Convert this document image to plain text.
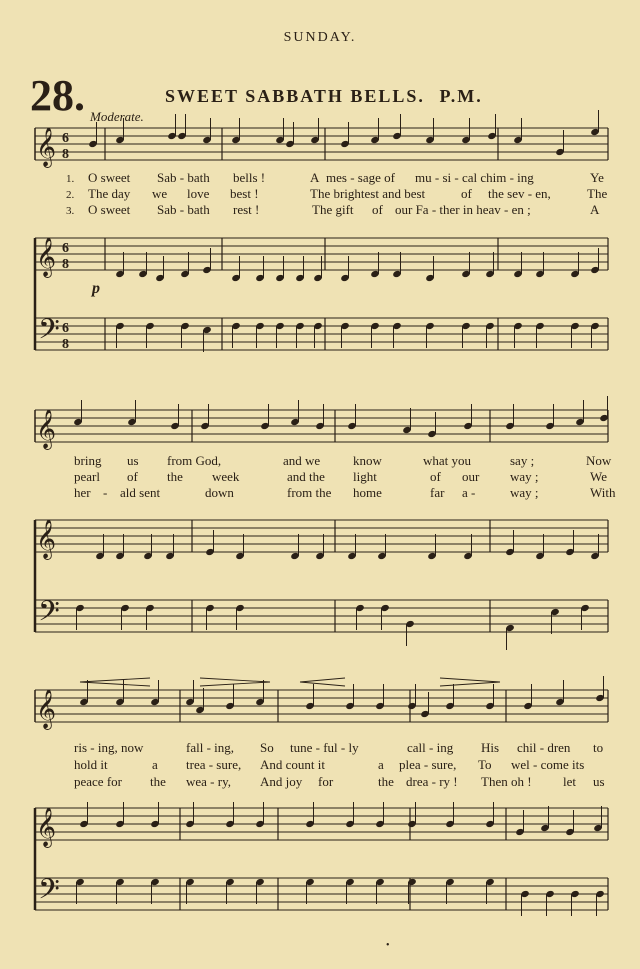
SUNDAY.
28.	SWEET SABBATH BELLS. P.M.
Moderate.
p
𝄞
𝄞
𝄢
6
8
6
8
6
8
𝄞
𝄞
𝄢
𝄞
𝄞
𝄢
1.
2.
3.
O sweet Sab - bath bells !	A mes - sage of mu - si - cal chim - ing	Ye
The day we love best !	The brightest and best	of the sev - en,	The
O sweet Sab - bath rest !	The gift of our Fa - ther in heav - en ;	A
bring us from God,	and we	know	what you	say ;	Now
pearl of the week	and the light	of our way ;	We
her - ald sent	down	from the home	far a -	way ;	With
ris - ing, now	fall - ing, So tune - ful - ly	call - ing His chil - dren to
hold it	a trea - sure, And count it	a plea - sure, To wel - come its
peace for the wea - ry, And joy for	the drea - ry ! Then oh ! let us
•
